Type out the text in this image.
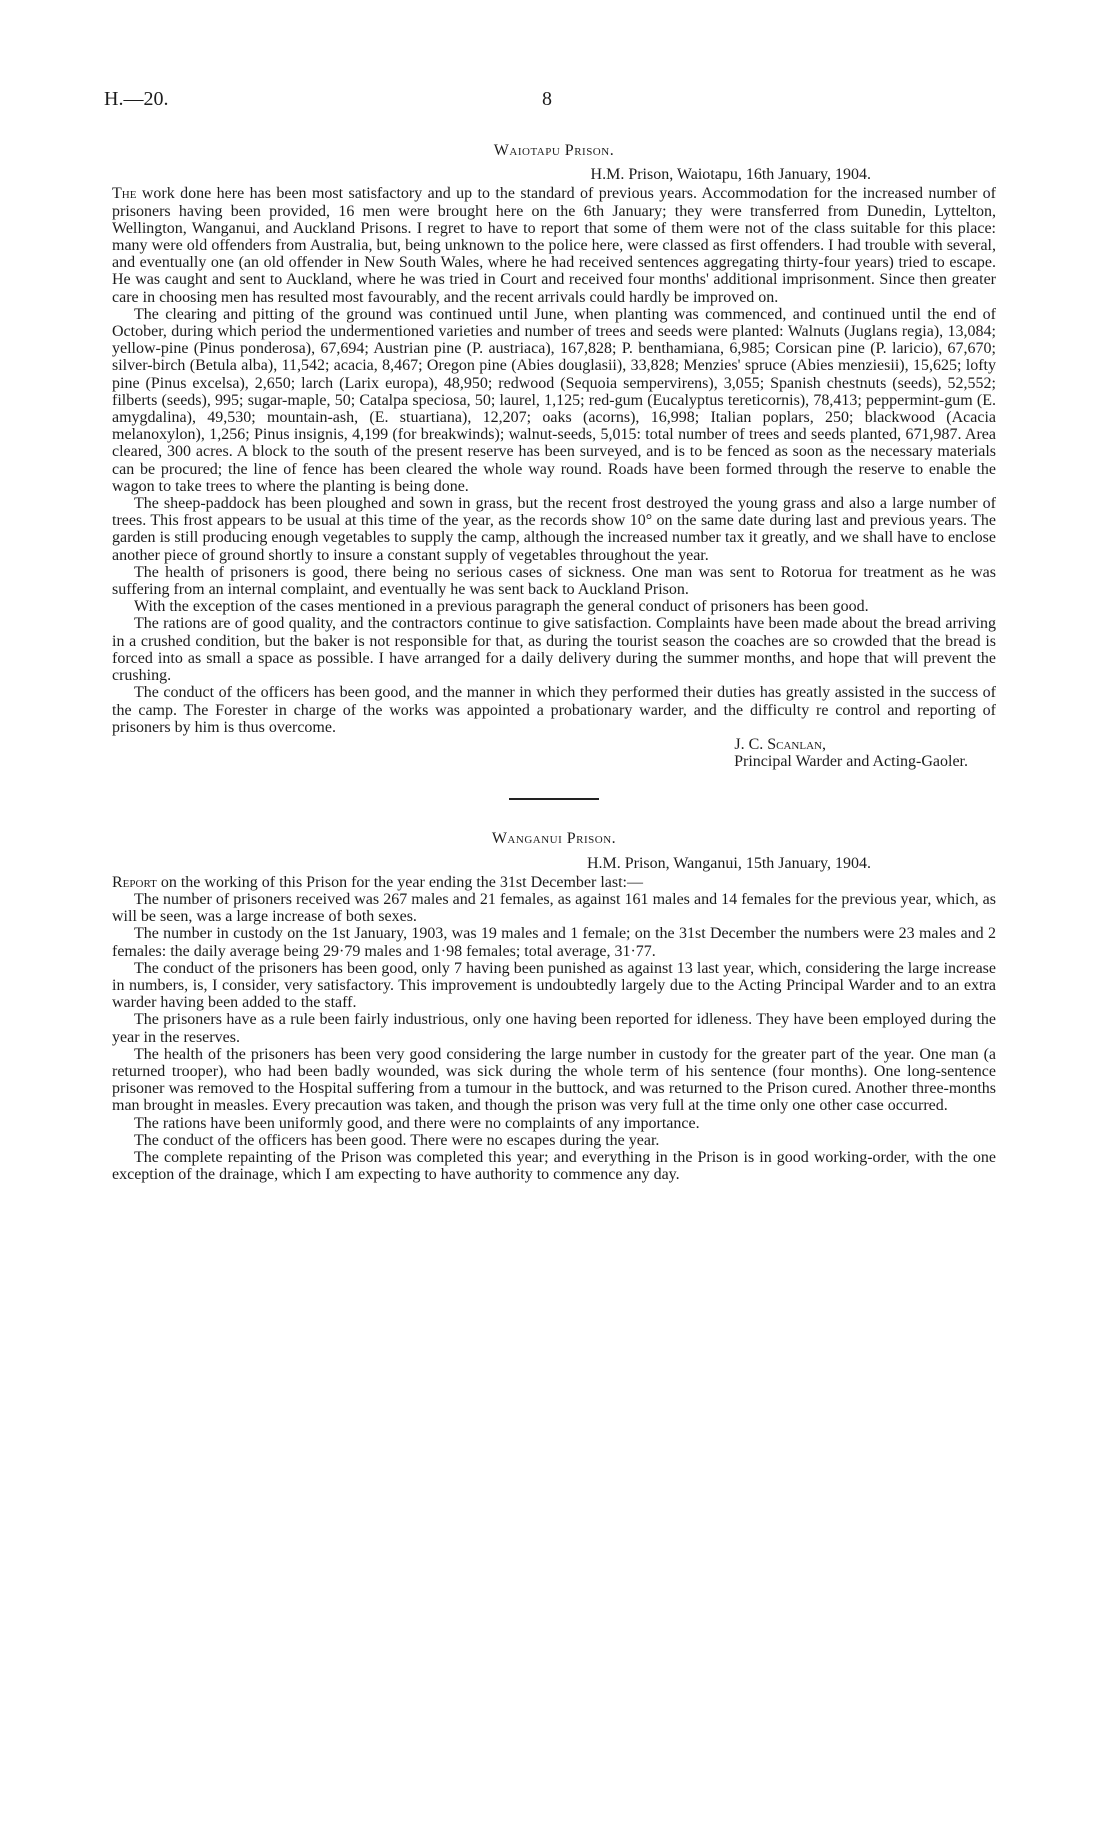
H.—20.	8
Waiotapu Prison.
H.M. Prison, Waiotapu, 16th January, 1904.

The work done here has been most satisfactory and up to the standard of previous years. Accommodation for the increased number of prisoners having been provided, 16 men were brought here on the 6th January; they were transferred from Dunedin, Lyttelton, Wellington, Wanganui, and Auckland Prisons. I regret to have to report that some of them were not of the class suitable for this place: many were old offenders from Australia, but, being unknown to the police here, were classed as first offenders. I had trouble with several, and eventually one (an old offender in New South Wales, where he had received sentences aggregating thirty-four years) tried to escape. He was caught and sent to Auckland, where he was tried in Court and received four months' additional imprisonment. Since then greater care in choosing men has resulted most favourably, and the recent arrivals could hardly be improved on.

The clearing and pitting of the ground was continued until June, when planting was commenced, and continued until the end of October, during which period the undermentioned varieties and number of trees and seeds were planted: Walnuts (Juglans regia), 13,084; yellow-pine (Pinus ponderosa), 67,694; Austrian pine (P. austriaca), 167,828; P. benthamiana, 6,985; Corsican pine (P. laricio), 67,670; silver-birch (Betula alba), 11,542; acacia, 8,467; Oregon pine (Abies douglasii), 33,828; Menzies' spruce (Abies menziesii), 15,625; lofty pine (Pinus excelsa), 2,650; larch (Larix europa), 48,950; redwood (Sequoia sempervirens), 3,055; Spanish chestnuts (seeds), 52,552; filberts (seeds), 995; sugar-maple, 50; Catalpa speciosa, 50; laurel, 1,125; red-gum (Eucalyptus tereticornis), 78,413; peppermint-gum (E. amygdalina), 49,530; mountain-ash, (E. stuartiana), 12,207; oaks (acorns), 16,998; Italian poplars, 250; blackwood (Acacia melanoxylon), 1,256; Pinus insignis, 4,199 (for breakwinds); walnut-seeds, 5,015: total number of trees and seeds planted, 671,987. Area cleared, 300 acres. A block to the south of the present reserve has been surveyed, and is to be fenced as soon as the necessary materials can be procured; the line of fence has been cleared the whole way round. Roads have been formed through the reserve to enable the wagon to take trees to where the planting is being done.

The sheep-paddock has been ploughed and sown in grass, but the recent frost destroyed the young grass and also a large number of trees. This frost appears to be usual at this time of the year, as the records show 10° on the same date during last and previous years. The garden is still producing enough vegetables to supply the camp, although the increased number tax it greatly, and we shall have to enclose another piece of ground shortly to insure a constant supply of vegetables throughout the year.

The health of prisoners is good, there being no serious cases of sickness. One man was sent to Rotorua for treatment as he was suffering from an internal complaint, and eventually he was sent back to Auckland Prison.

With the exception of the cases mentioned in a previous paragraph the general conduct of prisoners has been good.

The rations are of good quality, and the contractors continue to give satisfaction. Complaints have been made about the bread arriving in a crushed condition, but the baker is not responsible for that, as during the tourist season the coaches are so crowded that the bread is forced into as small a space as possible. I have arranged for a daily delivery during the summer months, and hope that will prevent the crushing.

The conduct of the officers has been good, and the manner in which they performed their duties has greatly assisted in the success of the camp. The Forester in charge of the works was appointed a probationary warder, and the difficulty re control and reporting of prisoners by him is thus overcome.

J. C. Scanlan,
Principal Warder and Acting-Gaoler.
Wanganui Prison.
H.M. Prison, Wanganui, 15th January, 1904.

Report on the working of this Prison for the year ending the 31st December last:—

The number of prisoners received was 267 males and 21 females, as against 161 males and 14 females for the previous year, which, as will be seen, was a large increase of both sexes.

The number in custody on the 1st January, 1903, was 19 males and 1 female; on the 31st December the numbers were 23 males and 2 females: the daily average being 29·79 males and 1·98 females; total average, 31·77.

The conduct of the prisoners has been good, only 7 having been punished as against 13 last year, which, considering the large increase in numbers, is, I consider, very satisfactory. This improvement is undoubtedly largely due to the Acting Principal Warder and to an extra warder having been added to the staff.

The prisoners have as a rule been fairly industrious, only one having been reported for idleness. They have been employed during the year in the reserves.

The health of the prisoners has been very good considering the large number in custody for the greater part of the year. One man (a returned trooper), who had been badly wounded, was sick during the whole term of his sentence (four months). One long-sentence prisoner was removed to the Hospital suffering from a tumour in the buttock, and was returned to the Prison cured. Another three-months man brought in measles. Every precaution was taken, and though the prison was very full at the time only one other case occurred.

The rations have been uniformly good, and there were no complaints of any importance.

The conduct of the officers has been good. There were no escapes during the year.

The complete repainting of the Prison was completed this year; and everything in the Prison is in good working-order, with the one exception of the drainage, which I am expecting to have authority to commence any day.
